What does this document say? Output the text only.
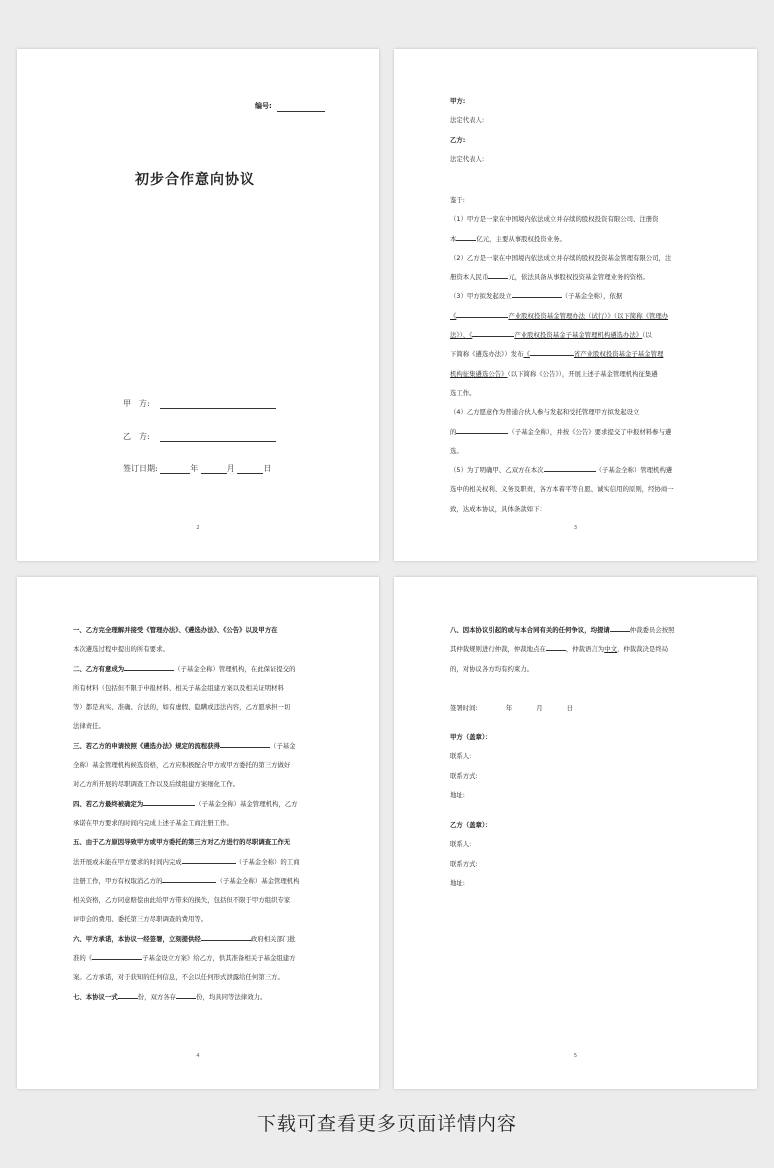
编号:
初步合作意向协议
甲　方:
乙　方:
签订日期:	年	月	日
2

甲方:

法定代表人:

乙方:

法定代表人:

鉴于:

（1）甲方是一家在中国境内依法成立并存续的股权投资有限公司、注册资

本	亿元，主要从事股权投资业务。

（2）乙方是一家在中国境内依法成立并存续的股权投资基金管理有限公司，注

册资本人民币	元，依法具备从事股权投资基金管理业务的资格。

（3）甲方拟发起设立	（子基金全称），依据

《	产业股权投资基金管理办法（试行）》（以下简称《管理办

法》）、《	产业股权投资基金子基金管理机构遴选办法》（以

下简称《遴选办法》）发布《	省产业股权投资基金子基金管理

机构征集遴选公告》（以下简称《公告》），开展上述子基金管理机构征集遴

选工作。

（4）乙方愿意作为普通合伙人参与发起和受托管理甲方拟发起设立

的	（子基金全称），并按《公告》要求提交了申报材料参与遴

选。

（5）为了明确甲、乙双方在本次	（子基金全称）管理机构遴

选中的相关权利、义务及职责，各方本着平等自愿、诚实信用的原则，经协商一

致，达成本协议，具体条款如下：

3

一、乙方完全理解并接受《管理办法》、《遴选办法》、《公告》以及甲方在

本次遴选过程中提出的所有要求。

二、乙方有意成为	（子基金全称）管理机构，在此保证提交的

所有材料（包括但不限于申报材料、相关子基金组建方案以及相关证明材料

等）都是真实、准确、合法的，如有虚假、隐瞒或违法内容，乙方愿承担一切

法律责任。

三、若乙方的申请按照《遴选办法》规定的流程获得	（子基金

全称）基金管理机构候选资格，乙方应积极配合甲方或甲方委托的第三方做好

对乙方所开展的尽职调查工作以及后续组建方案细化工作。

四、若乙方最终被确定为	（子基金全称）基金管理机构，乙方

承诺在甲方要求的时间内完成上述子基金工商注册工作。

五、由于乙方原因导致甲方或甲方委托的第三方对乙方进行的尽职调查工作无

法开展或未能在甲方要求的时间内完成	（子基金全称）的工商

注册工作，甲方有权取消乙方的	（子基金全称）基金管理机构

相关资格，乙方同意赔偿由此给甲方带来的损失，包括但不限于甲方组织专家

评审会的费用、委托第三方尽职调查的费用等。

六、甲方承诺，本协议一经签署，立刻提供经	政府相关部门批

准的《	子基金设立方案》给乙方，供其准备相关子基金组建方

案。乙方承诺，对于获知的任何信息，不会以任何形式泄露给任何第三方。

七、本协议一式	份，双方各存	份，均具同等法律效力。

4

八、因本协议引起的或与本合同有关的任何争议，均提请	仲裁委员会按照

其仲裁规则进行仲裁，仲裁地点在	，仲裁语言为中文，仲裁裁决是终局

的，对协议各方均有约束力。

签署时间:	年	月	日

甲方（盖章）：

联系人:

联系方式:

地址:

乙方（盖章）：

联系人:

联系方式:

地址:

5
下载可查看更多页面详情内容
